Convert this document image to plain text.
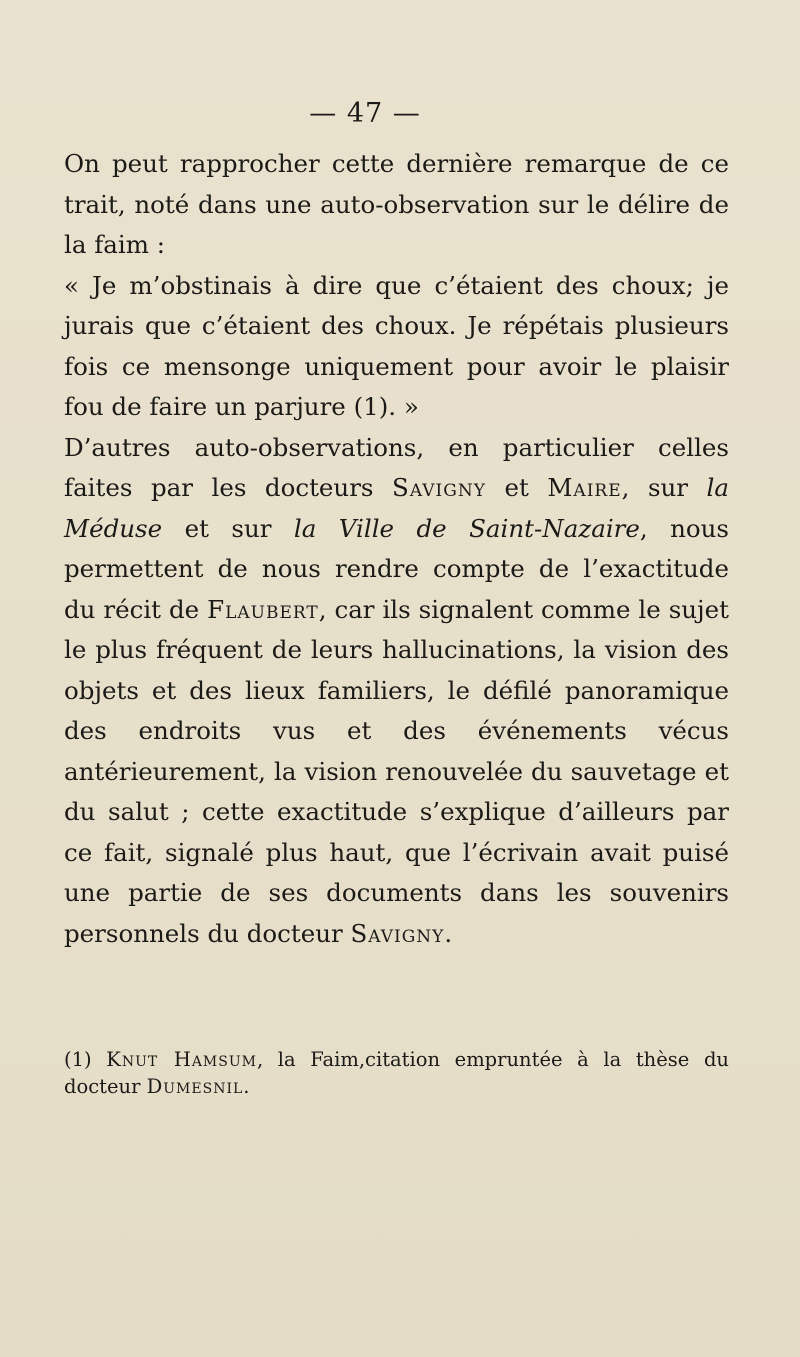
— 47 —

On peut rapprocher cette dernière remarque de ce trait, noté dans une auto-observation sur le délire de la faim :

« Je m’obstinais à dire que c’étaient des choux; je jurais que c’étaient des choux. Je répétais plusieurs fois ce mensonge uniquement pour avoir le plaisir fou de faire un parjure (1). »

D’autres auto-observations, en particulier celles faites par les docteurs Savigny et Maire, sur la Méduse et sur la Ville de Saint-Nazaire, nous permettent de nous rendre compte de l’exactitude du récit de Flaubert, car ils signalent comme le sujet le plus fréquent de leurs hallucinations, la vision des objets et des lieux familiers, le défilé panoramique des endroits vus et des événements vécus antérieurement, la vision renouvelée du sauvetage et du salut ; cette exactitude s’explique d’ailleurs par ce fait, signalé plus haut, que l’écrivain avait puisé une partie de ses documents dans les souvenirs personnels du docteur Savigny.

(1) Knut Hamsum, la Faim,citation empruntée à la thèse du docteur Dumesnil.
